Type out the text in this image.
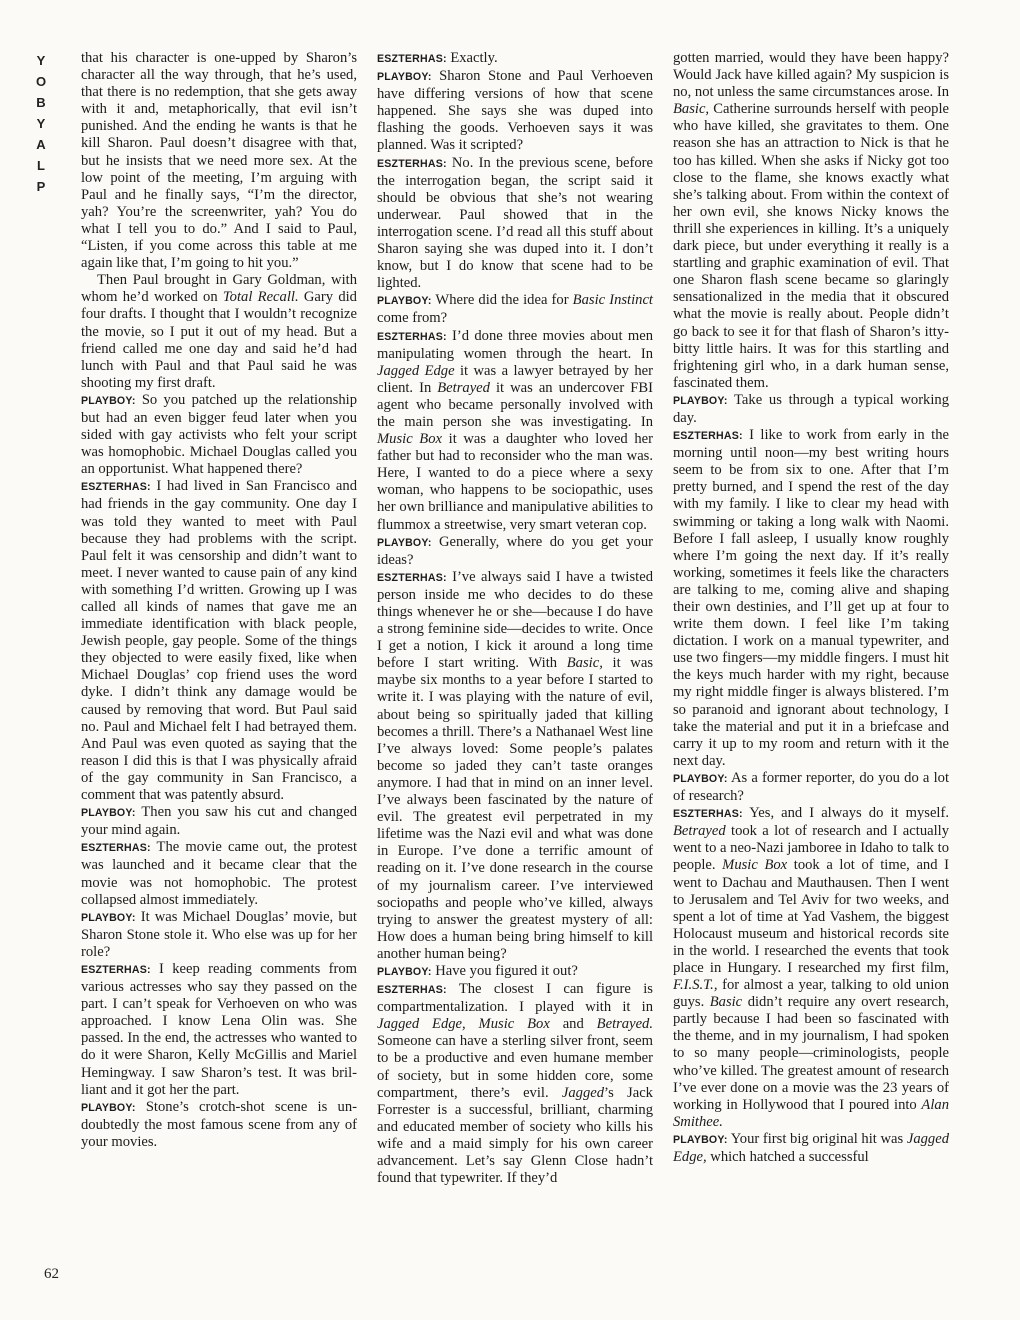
Y
O
B
Y
A
L
P

that his character is one-upped by Sharon’s character all the way through, that he’s used, that there is no redemption, that she gets away with it and, metaphorically, that evil isn’t punished. And the ending he wants is that he kill Sharon. Paul doesn’t disagree with that, but he insists that we need more sex. At the low point of the meeting, I’m arguing with Paul and he finally says, “I’m the director, yah? You’re the screenwriter, yah? You do what I tell you to do.” And I said to Paul, “Listen, if you come across this table at me again like that, I’m going to hit you.”

Then Paul brought in Gary Goldman, with whom he’d worked on Total Recall. Gary did four drafts. I thought that I wouldn’t recognize the movie, so I put it out of my head. But a friend called me one day and said he’d had lunch with Paul and that Paul said he was shooting my first draft.

PLAYBOY: So you patched up the relationship but had an even bigger feud later when you sided with gay activists who felt your script was homophobic. Michael Douglas called you an opportunist. What happened there?

ESZTERHAS: I had lived in San Francisco and had friends in the gay community. One day I was told they wanted to meet with Paul because they had problems with the script. Paul felt it was censorship and didn’t want to meet. I never wanted to cause pain of any kind with something I’d written. Growing up I was called all kinds of names that gave me an immediate identification with black people, Jewish people, gay people. Some of the things they objected to were easily fixed, like when Michael Douglas’ cop friend uses the word dyke. I didn’t think any damage would be caused by removing that word. But Paul said no. Paul and Michael felt I had betrayed them. And Paul was even quoted as saying that the reason I did this is that I was physically afraid of the gay community in San Francisco, a comment that was patently absurd.

PLAYBOY: Then you saw his cut and changed your mind again.

ESZTERHAS: The movie came out, the protest was launched and it became clear that the movie was not homophobic. The protest collapsed almost immediately.

PLAYBOY: It was Michael Douglas’ movie, but Sharon Stone stole it. Who else was up for her role?

ESZTERHAS: I keep reading comments from various actresses who say they passed on the part. I can’t speak for Verhoeven on who was approached. I know Lena Olin was. She passed. In the end, the actresses who wanted to do it were Sharon, Kelly McGillis and Mariel Hemingway. I saw Sharon’s test. It was brilliant and it got her the part.

PLAYBOY: Stone’s crotch-shot scene is undoubtedly the most famous scene from any of your movies.

ESZTERHAS: Exactly.

PLAYBOY: Sharon Stone and Paul Verhoeven have differing versions of how that scene happened. She says she was duped into flashing the goods. Verhoeven says it was planned. Was it scripted?

ESZTERHAS: No. In the previous scene, before the interrogation began, the script said it should be obvious that she’s not wearing underwear. Paul showed that in the interrogation scene. I’d read all this stuff about Sharon saying she was duped into it. I don’t know, but I do know that scene had to be lighted.

PLAYBOY: Where did the idea for Basic Instinct come from?

ESZTERHAS: I’d done three movies about men manipulating women through the heart. In Jagged Edge it was a lawyer betrayed by her client. In Betrayed it was an undercover FBI agent who became personally involved with the main person she was investigating. In Music Box it was a daughter who loved her father but had to reconsider who the man was. Here, I wanted to do a piece where a sexy woman, who happens to be sociopathic, uses her own brilliance and manipulative abilities to flummox a streetwise, very smart veteran cop.

PLAYBOY: Generally, where do you get your ideas?

ESZTERHAS: I’ve always said I have a twisted person inside me who decides to do these things whenever he or she—because I do have a strong feminine side—decides to write. Once I get a notion, I kick it around a long time before I start writing. With Basic, it was maybe six months to a year before I started to write it. I was playing with the nature of evil, about being so spiritually jaded that killing becomes a thrill. There’s a Nathanael West line I’ve always loved: Some people’s palates become so jaded they can’t taste oranges anymore. I had that in mind on an inner level. I’ve always been fascinated by the nature of evil. The greatest evil perpetrated in my lifetime was the Nazi evil and what was done in Europe. I’ve done a terrific amount of reading on it. I’ve done research in the course of my journalism career. I’ve interviewed sociopaths and people who’ve killed, always trying to answer the greatest mystery of all: How does a human being bring himself to kill another human being?

PLAYBOY: Have you figured it out?

ESZTERHAS: The closest I can figure is compartmentalization. I played with it in Jagged Edge, Music Box and Betrayed. Someone can have a sterling silver front, seem to be a productive and even humane member of society, but in some hidden core, some compartment, there’s evil. Jagged’s Jack Forrester is a successful, brilliant, charming and educated member of society who kills his wife and a maid simply for his own career advancement. Let’s say Glenn Close hadn’t found that typewriter. If they’d

gotten married, would they have been happy? Would Jack have killed again? My suspicion is no, not unless the same circumstances arose. In Basic, Catherine surrounds herself with people who have killed, she gravitates to them. One reason she has an attraction to Nick is that he too has killed. When she asks if Nicky got too close to the flame, she knows exactly what she’s talking about. From within the context of her own evil, she knows Nicky knows the thrill she experiences in killing. It’s a uniquely dark piece, but under everything it really is a startling and graphic examination of evil. That one Sharon flash scene became so glaringly sensationalized in the media that it obscured what the movie is really about. People didn’t go back to see it for that flash of Sharon’s itty-bitty little hairs. It was for this startling and frightening girl who, in a dark human sense, fascinated them.

PLAYBOY: Take us through a typical working day.

ESZTERHAS: I like to work from early in the morning until noon—my best writing hours seem to be from six to one. After that I’m pretty burned, and I spend the rest of the day with my family. I like to clear my head with swimming or taking a long walk with Naomi. Before I fall asleep, I usually know roughly where I’m going the next day. If it’s really working, sometimes it feels like the characters are talking to me, coming alive and shaping their own destinies, and I’ll get up at four to write them down. I feel like I’m taking dictation. I work on a manual typewriter, and use two fingers—my middle fingers. I must hit the keys much harder with my right, because my right middle finger is always blistered. I’m so paranoid and ignorant about technology, I take the material and put it in a briefcase and carry it up to my room and return with it the next day.

PLAYBOY: As a former reporter, do you do a lot of research?

ESZTERHAS: Yes, and I always do it myself. Betrayed took a lot of research and I actually went to a neo-Nazi jamboree in Idaho to talk to people. Music Box took a lot of time, and I went to Dachau and Mauthausen. Then I went to Jerusalem and Tel Aviv for two weeks, and spent a lot of time at Yad Vashem, the biggest Holocaust museum and historical records site in the world. I researched the events that took place in Hungary. I researched my first film, F.I.S.T., for almost a year, talking to old union guys. Basic didn’t require any overt research, partly because I had been so fascinated with the theme, and in my journalism, I had spoken to so many people—criminologists, people who’ve killed. The greatest amount of research I’ve ever done on a movie was the 23 years of working in Hollywood that I poured into Alan Smithee.

PLAYBOY: Your first big original hit was Jagged Edge, which hatched a successful

62
